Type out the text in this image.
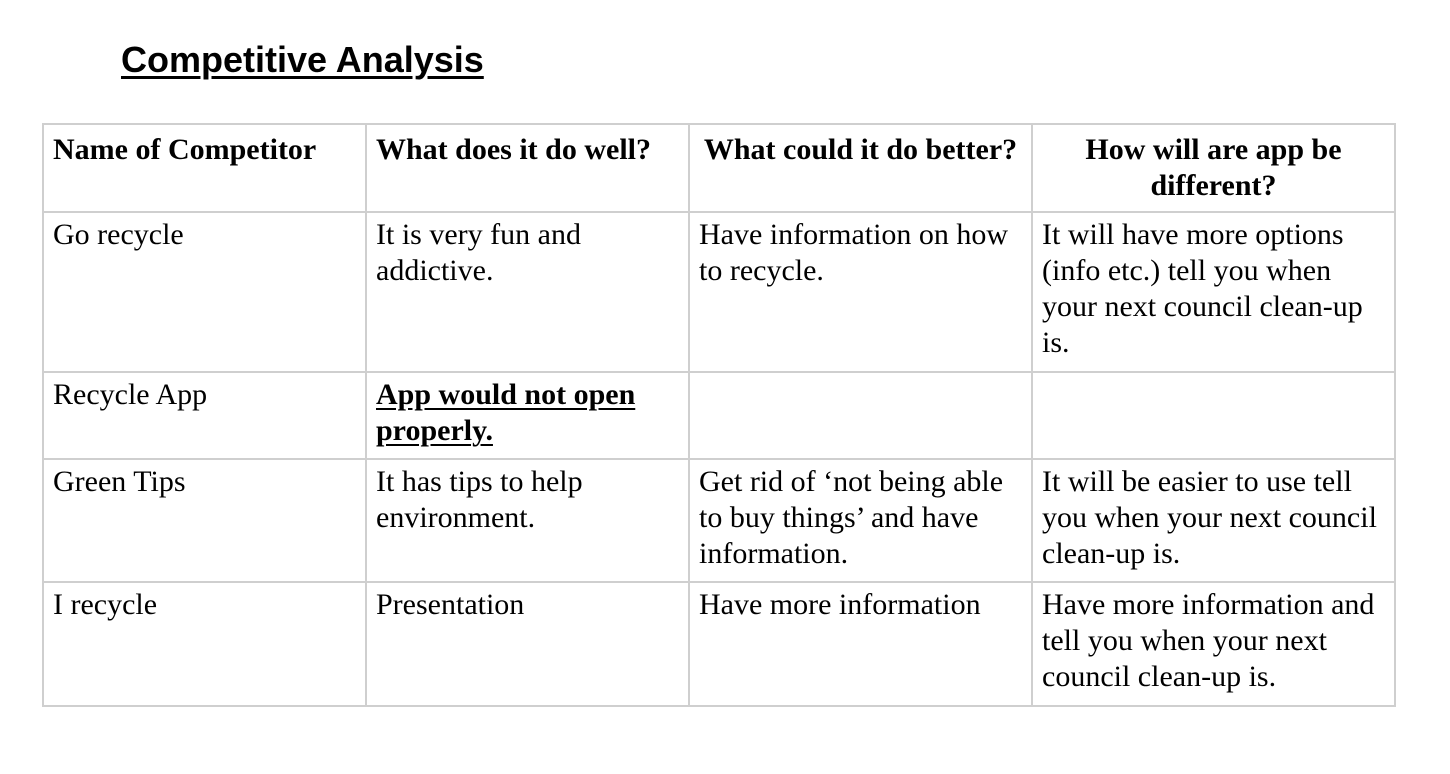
Competitive Analysis
Name of Competitor	What does it do well?	What could it do better?	How will are app be different?
Go recycle	It is very fun and addictive.	Have information on how to recycle.	It will have more options (info etc.) tell you when your next council clean-up is.
Recycle App	App would not open properly.		
Green Tips	It has tips to help environment.	Get rid of ‘not being able to buy things’ and have information.	It will be easier to use tell you when your next council clean-up is.
I recycle	Presentation	Have more information	Have more information and tell you when your next council clean-up is.
